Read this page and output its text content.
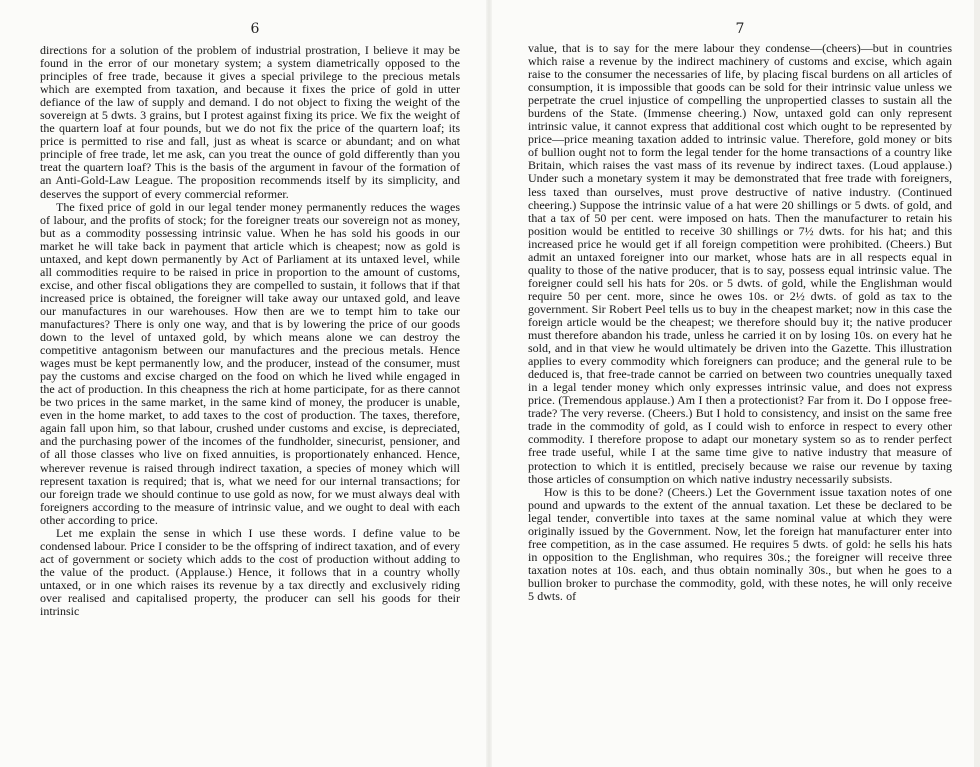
6

directions for a solution of the problem of industrial prostration, I believe it may be found in the error of our monetary system; a system diametrically opposed to the principles of free trade, because it gives a special privilege to the precious metals which are exempted from taxation, and because it fixes the price of gold in utter defiance of the law of supply and demand. I do not object to fixing the weight of the sovereign at 5 dwts. 3 grains, but I protest against fixing its price. We fix the weight of the quartern loaf at four pounds, but we do not fix the price of the quartern loaf; its price is permitted to rise and fall, just as wheat is scarce or abundant; and on what principle of free trade, let me ask, can you treat the ounce of gold differently than you treat the quartern loaf? This is the basis of the argument in favour of the formation of an Anti-Gold-Law League. The proposition recommends itself by its simplicity, and deserves the support of every commercial reformer.

The fixed price of gold in our legal tender money permanently reduces the wages of labour, and the profits of stock; for the foreigner treats our sovereign not as money, but as a commodity possessing intrinsic value. When he has sold his goods in our market he will take back in payment that article which is cheapest; now as gold is untaxed, and kept down permanently by Act of Parliament at its untaxed level, while all commodities require to be raised in price in proportion to the amount of customs, excise, and other fiscal obligations they are compelled to sustain, it follows that if that increased price is obtained, the foreigner will take away our untaxed gold, and leave our manufactures in our warehouses. How then are we to tempt him to take our manufactures? There is only one way, and that is by lowering the price of our goods down to the level of untaxed gold, by which means alone we can destroy the competitive antagonism between our manufactures and the precious metals. Hence wages must be kept permanently low, and the producer, instead of the consumer, must pay the customs and excise charged on the food on which he lived while engaged in the act of production. In this cheapness the rich at home participate, for as there cannot be two prices in the same market, in the same kind of money, the producer is unable, even in the home market, to add taxes to the cost of production. The taxes, therefore, again fall upon him, so that labour, crushed under customs and excise, is depreciated, and the purchasing power of the incomes of the fundholder, sinecurist, pensioner, and of all those classes who live on fixed annuities, is proportionately enhanced. Hence, wherever revenue is raised through indirect taxation, a species of money which will represent taxation is required; that is, what we need for our internal transactions; for our foreign trade we should continue to use gold as now, for we must always deal with foreigners according to the measure of intrinsic value, and we ought to deal with each other according to price.

Let me explain the sense in which I use these words. I define value to be condensed labour. Price I consider to be the offspring of indirect taxation, and of every act of government or society which adds to the cost of production without adding to the value of the product. (Applause.) Hence, it follows that in a country wholly untaxed, or in one which raises its revenue by a tax directly and exclusively riding over realised and capitalised property, the producer can sell his goods for their intrinsic

7

value, that is to say for the mere labour they condense—(cheers)—but in countries which raise a revenue by the indirect machinery of customs and excise, which again raise to the consumer the necessaries of life, by placing fiscal burdens on all articles of consumption, it is impossible that goods can be sold for their intrinsic value unless we perpetrate the cruel injustice of compelling the unpropertied classes to sustain all the burdens of the State. (Immense cheering.) Now, untaxed gold can only represent intrinsic value, it cannot express that additional cost which ought to be represented by price—price meaning taxation added to intrinsic value. Therefore, gold money or bits of bullion ought not to form the legal tender for the home transactions of a country like Britain, which raises the vast mass of its revenue by indirect taxes. (Loud applause.) Under such a monetary system it may be demonstrated that free trade with foreigners, less taxed than ourselves, must prove destructive of native industry. (Continued cheering.) Suppose the intrinsic value of a hat were 20 shillings or 5 dwts. of gold, and that a tax of 50 per cent. were imposed on hats. Then the manufacturer to retain his position would be entitled to receive 30 shillings or 7½ dwts. for his hat; and this increased price he would get if all foreign competition were prohibited. (Cheers.) But admit an untaxed foreigner into our market, whose hats are in all respects equal in quality to those of the native producer, that is to say, possess equal intrinsic value. The foreigner could sell his hats for 20s. or 5 dwts. of gold, while the Englishman would require 50 per cent. more, since he owes 10s. or 2½ dwts. of gold as tax to the government. Sir Robert Peel tells us to buy in the cheapest market; now in this case the foreign article would be the cheapest; we therefore should buy it; the native producer must therefore abandon his trade, unless he carried it on by losing 10s. on every hat he sold, and in that view he would ultimately be driven into the Gazette. This illustration applies to every commodity which foreigners can produce; and the general rule to be deduced is, that free-trade cannot be carried on between two countries unequally taxed in a legal tender money which only expresses intrinsic value, and does not express price. (Tremendous applause.) Am I then a protectionist? Far from it. Do I oppose free-trade? The very reverse. (Cheers.) But I hold to consistency, and insist on the same free trade in the commodity of gold, as I could wish to enforce in respect to every other commodity. I therefore propose to adapt our monetary system so as to render perfect free trade useful, while I at the same time give to native industry that measure of protection to which it is entitled, precisely because we raise our revenue by taxing those articles of consumption on which native industry necessarily subsists.

How is this to be done? (Cheers.) Let the Government issue taxation notes of one pound and upwards to the extent of the annual taxation. Let these be declared to be legal tender, convertible into taxes at the same nominal value at which they were originally issued by the Government. Now, let the foreign hat manufacturer enter into free competition, as in the case assumed. He requires 5 dwts. of gold: he sells his hats in opposition to the Englishman, who requires 30s.; the foreigner will receive three taxation notes at 10s. each, and thus obtain nominally 30s., but when he goes to a bullion broker to purchase the commodity, gold, with these notes, he will only receive 5 dwts. of
